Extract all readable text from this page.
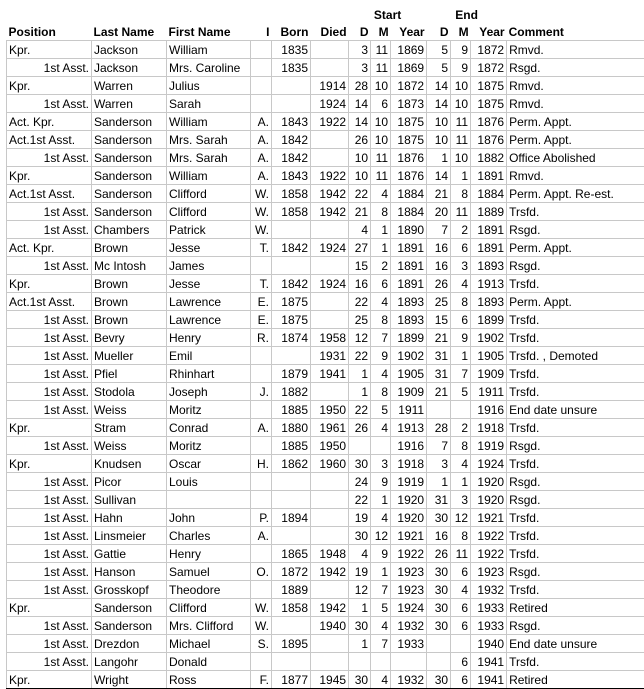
						Start			End			
Position	Last Name	First Name	I	Born	Died	D	M	Year	D	M	Year	Comment
Kpr.	Jackson	William		1835		3	11	1869	5	9	1872	Rmvd.
1st Asst.	Jackson	Mrs. Caroline		1835		3	11	1869	5	9	1872	Rsgd.
Kpr.	Warren	Julius			1914	28	10	1872	14	10	1875	Rmvd.
1st Asst.	Warren	Sarah			1924	14	6	1873	14	10	1875	Rmvd.
Act. Kpr.	Sanderson	William	A.	1843	1922	14	10	1875	10	11	1876	Perm. Appt.
Act.1st Asst.	Sanderson	Mrs. Sarah	A.	1842		26	10	1875	10	11	1876	Perm. Appt.
1st Asst.	Sanderson	Mrs. Sarah	A.	1842		10	11	1876	1	10	1882	Office Abolished
Kpr.	Sanderson	William	A.	1843	1922	10	11	1876	14	1	1891	Rmvd.
Act.1st Asst.	Sanderson	Clifford	W.	1858	1942	22	4	1884	21	8	1884	Perm. Appt. Re-est.
1st Asst.	Sanderson	Clifford	W.	1858	1942	21	8	1884	20	11	1889	Trsfd.
1st Asst.	Chambers	Patrick	W.			4	1	1890	7	2	1891	Rsgd.
Act. Kpr.	Brown	Jesse	T.	1842	1924	27	1	1891	16	6	1891	Perm. Appt.
1st Asst.	Mc Intosh	James				15	2	1891	16	3	1893	Rsgd.
Kpr.	Brown	Jesse	T.	1842	1924	16	6	1891	26	4	1913	Trsfd.
Act.1st Asst.	Brown	Lawrence	E.	1875		22	4	1893	25	8	1893	Perm. Appt.
1st Asst.	Brown	Lawrence	E.	1875		25	8	1893	15	6	1899	Trsfd.
1st Asst.	Bevry	Henry	R.	1874	1958	12	7	1899	21	9	1902	Trsfd.
1st Asst.	Mueller	Emil			1931	22	9	1902	31	1	1905	Trsfd. , Demoted
1st Asst.	Pfiel	Rhinhart		1879	1941	1	4	1905	31	7	1909	Trsfd.
1st Asst.	Stodola	Joseph	J.	1882		1	8	1909	21	5	1911	Trsfd.
1st Asst.	Weiss	Moritz		1885	1950	22	5	1911			1916	End date unsure
Kpr.	Stram	Conrad	A.	1880	1961	26	4	1913	28	2	1918	Trsfd.
1st Asst.	Weiss	Moritz		1885	1950			1916	7	8	1919	Rsgd.
Kpr.	Knudsen	Oscar	H.	1862	1960	30	3	1918	3	4	1924	Trsfd.
1st Asst.	Picor	Louis				24	9	1919	1	1	1920	Rsgd.
1st Asst.	Sullivan					22	1	1920	31	3	1920	Rsgd.
1st Asst.	Hahn	John	P.	1894		19	4	1920	30	12	1921	Trsfd.
1st Asst.	Linsmeier	Charles	A.			30	12	1921	16	8	1922	Trsfd.
1st Asst.	Gattie	Henry		1865	1948	4	9	1922	26	11	1922	Trsfd.
1st Asst.	Hanson	Samuel	O.	1872	1942	19	1	1923	30	6	1923	Rsgd.
1st Asst.	Grosskopf	Theodore		1889		12	7	1923	30	4	1932	Trsfd.
Kpr.	Sanderson	Clifford	W.	1858	1942	1	5	1924	30	6	1933	Retired
1st Asst.	Sanderson	Mrs. Clifford	W.		1940	30	4	1932	30	6	1933	Rsgd.
1st Asst.	Drezdon	Michael	S.	1895		1	7	1933			1940	End date unsure
1st Asst.	Langohr	Donald								6	1941	Trsfd.
Kpr.	Wright	Ross	F.	1877	1945	30	4	1932	30	6	1941	Retired
